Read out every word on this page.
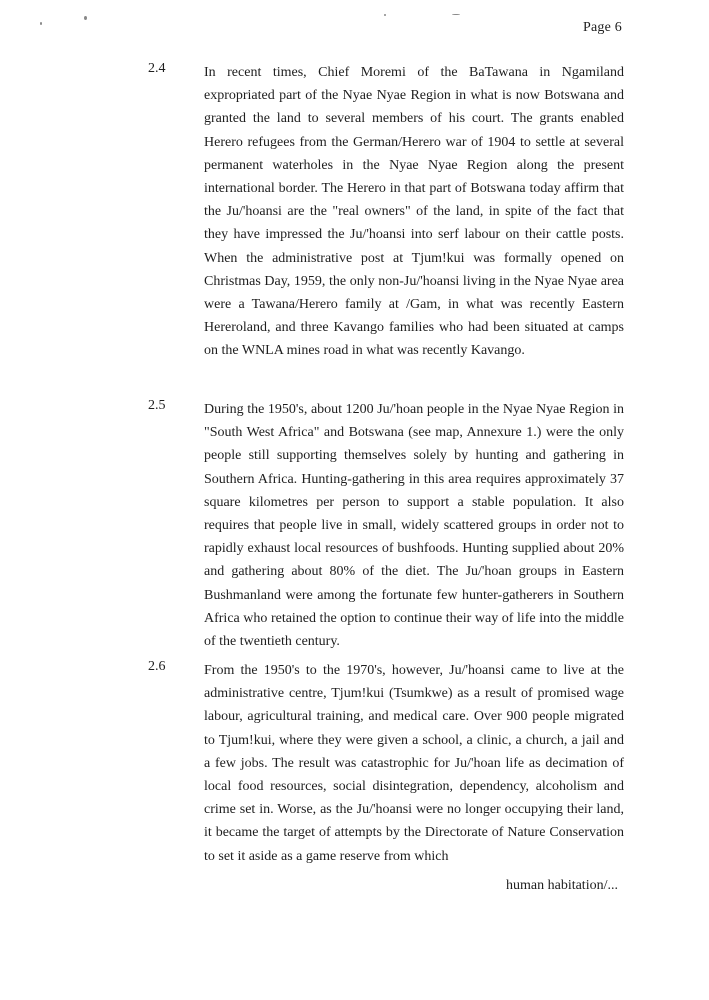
Page 6
2.4	In recent times, Chief Moremi of the BaTawana in Ngamiland expropriated part of the Nyae Nyae Region in what is now Botswana and granted the land to several members of his court. The grants enabled Herero refugees from the German/Herero war of 1904 to settle at several permanent waterholes in the Nyae Nyae Region along the present international border. The Herero in that part of Botswana today affirm that the Ju/'hoansi are the "real owners" of the land, in spite of the fact that they have impressed the Ju/'hoansi into serf labour on their cattle posts. When the administrative post at Tjum!kui was formally opened on Christmas Day, 1959, the only non-Ju/'hoansi living in the Nyae Nyae area were a Tawana/Herero family at /Gam, in what was recently Eastern Hereroland, and three Kavango families who had been situated at camps on the WNLA mines road in what was recently Kavango.

2.5	During the 1950's, about 1200 Ju/'hoan people in the Nyae Nyae Region in "South West Africa" and Botswana (see map, Annexure 1.) were the only people still supporting themselves solely by hunting and gathering in Southern Africa. Hunting-gathering in this area requires approximately 37 square kilometres per person to support a stable population. It also requires that people live in small, widely scattered groups in order not to rapidly exhaust local resources of bushfoods. Hunting supplied about 20% and gathering about 80% of the diet. The Ju/'hoan groups in Eastern Bushmanland were among the fortunate few hunter-gatherers in Southern Africa who retained the option to continue their way of life into the middle of the twentieth century.

2.6	From the 1950's to the 1970's, however, Ju/'hoansi came to live at the administrative centre, Tjum!kui (Tsumkwe) as a result of promised wage labour, agricultural training, and medical care. Over 900 people migrated to Tjum!kui, where they were given a school, a clinic, a church, a jail and a few jobs. The result was catastrophic for Ju/'hoan life as decimation of local food resources, social disintegration, dependency, alcoholism and crime set in. Worse, as the Ju/'hoansi were no longer occupying their land, it became the target of attempts by the Directorate of Nature Conservation to set it aside as a game reserve from which

human habitation/...
